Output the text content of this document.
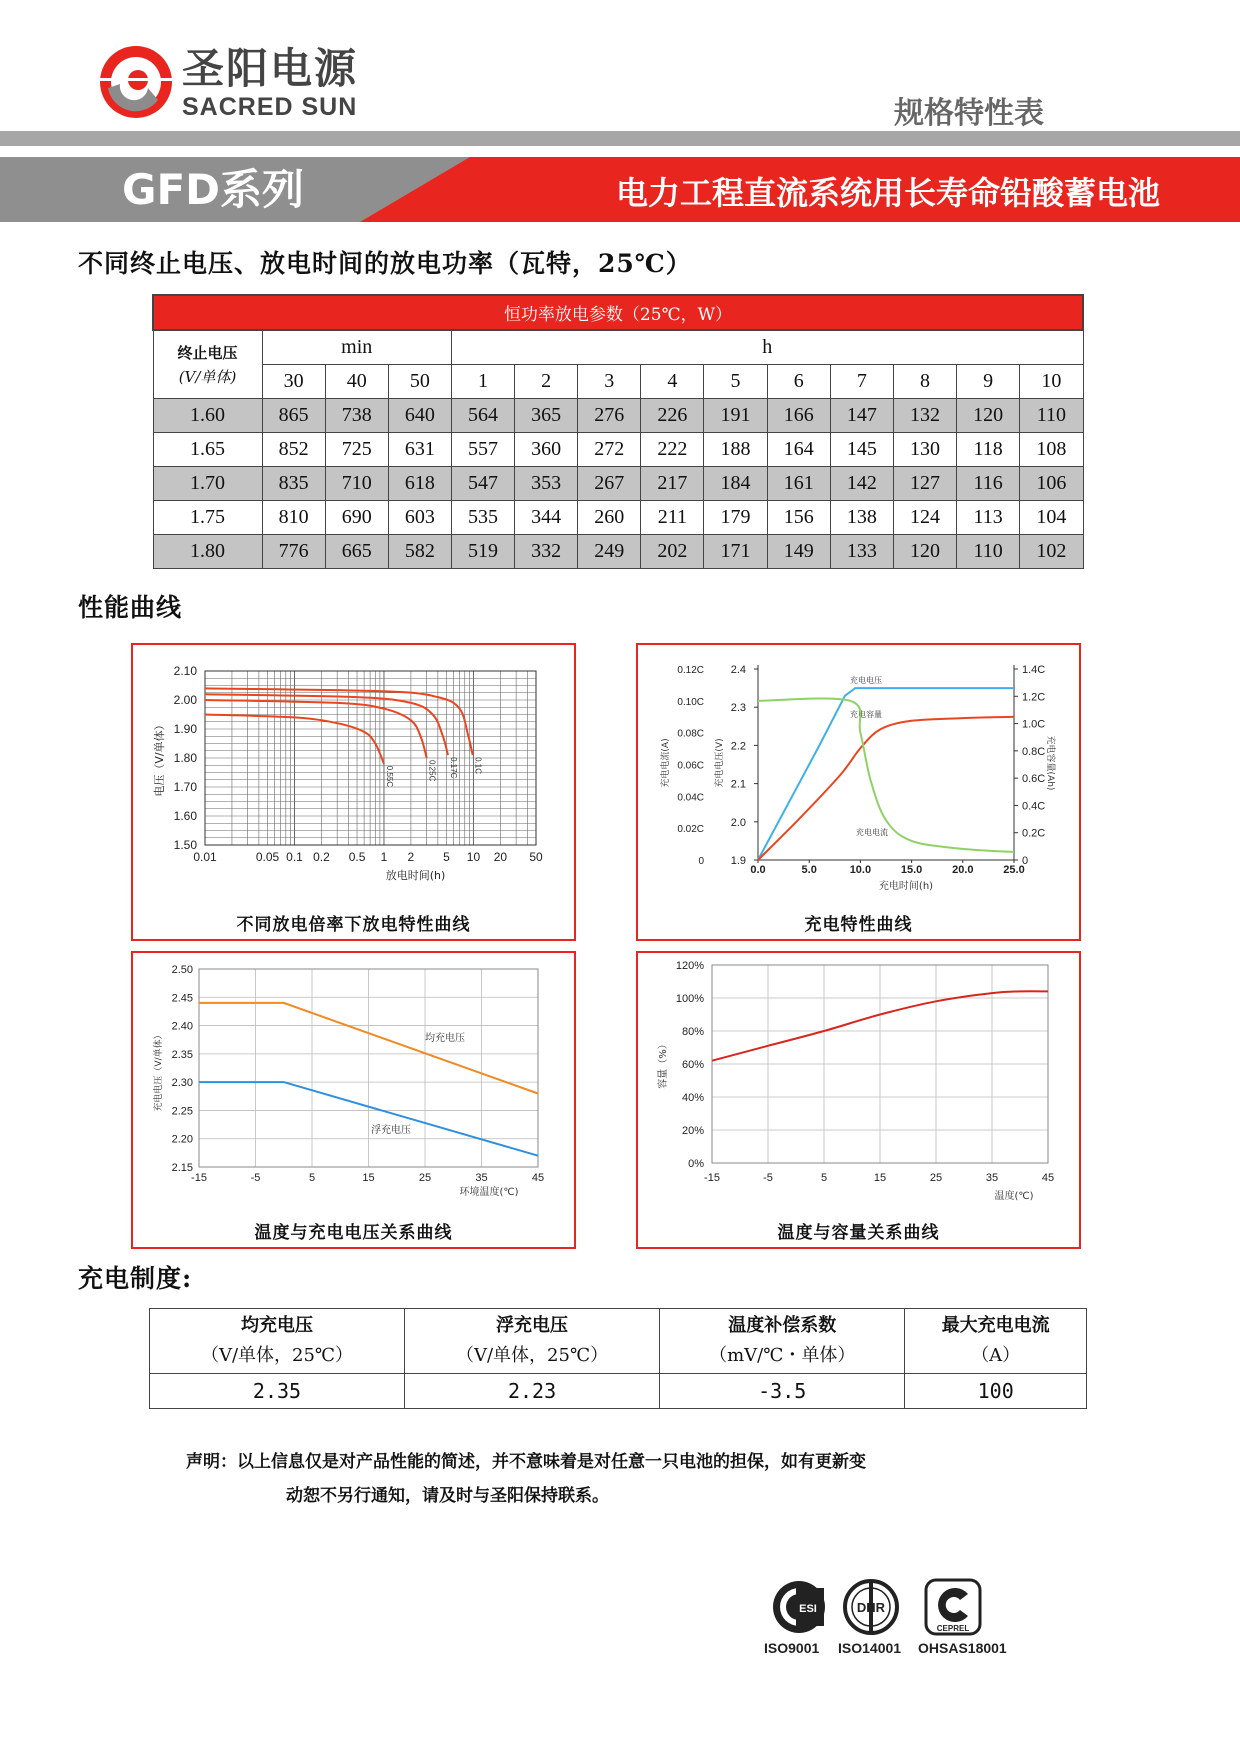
圣阳电源
SACRED SUN	规格特性表
GFD系列	电力工程直流系统用长寿命铅酸蓄电池
不同终止电压、放电时间的放电功率（瓦特，25℃）
恒功率放电参数（25℃，W）													

终止电压
(V/单体)	min			h									
	30	40	50	1	2	3	4	5	6	7	8	9	10
1.60	865	738	640	564	365	276	226	191	166	147	132	120	110
1.65	852	725	631	557	360	272	222	188	164	145	130	118	108
1.70	835	710	618	547	353	267	217	184	161	142	127	116	106
1.75	810	690	603	535	344	260	211	179	156	138	124	113	104
1.80	776	665	582	519	332	249	202	171	149	133	120	110	102
性能曲线
1.50
1.60
1.70
1.80
1.90
2.00
2.10
0.01	0.05 0.1 0.2 0.5 1 2 5 10 20 50
放电时间(h)
电压（V/单体）	0.55C	0.25C 0.17C 0.1C
不同放电倍率下放电特性曲线
0
0.02C
0.04C
0.06C
0.08C
0.10C
0.12C
1.9
2.0
2.1
2.2
2.3
2.4
0
0.2C
0.4C
0.6C
0.8C
1.0C
1.2C
1.4C
0.0	5.0	10.0	15.0	20.0	25.0
充电时间(h)
充电电流(A)	充电电压(V)	充电容量(Ah)
充电电压
充电容量
充电电流
充电特性曲线
2.15
2.20
2.25
2.30
2.35
2.40
2.45
2.50
-15	-5	5	15	25	35	45
环境温度(℃)
充电电压（V/单体）	均充电压
浮充电压
温度与充电电压关系曲线
0%
20%
40%
60%
80%
100%
120%
-15	-5	5	15	25	35	45
温度(℃)
容量（%）
温度与容量关系曲线
充电制度:
均充电压
（V/单体，25℃）	浮充电压
（V/单体，25℃）	温度补偿系数
（mV/℃・单体）	最大充电电流
（A）
2.35	2.23	-3.5	100
声明：以上信息仅是对产品性能的简述，并不意味着是对任意一只电池的担保，如有更新变
动恕不另行通知，请及时与圣阳保持联系。
ESI	DHR
CEPREL
ISO9001 ISO14001 OHSAS18001
